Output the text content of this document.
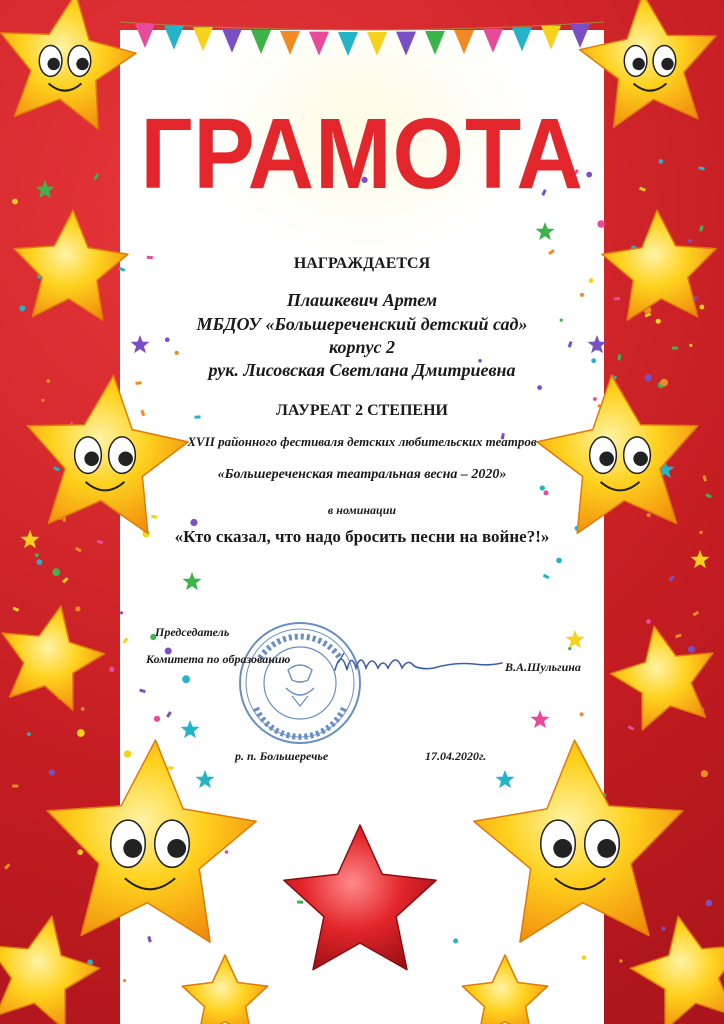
ГРАМОТА
НАГРАЖДАЕТСЯ
Плашкевич Артем
МБДОУ «Большереченский детский сад»
корпус 2
рук. Лисовская Светлана Дмитриевна
ЛАУРЕАТ 2 СТЕПЕНИ
XVII районного фестиваля детских любительских театров
«Большереченская театральная весна – 2020»
в номинации
«Кто сказал, что надо бросить песни на войне?!»
Председатель
Комитета по образованию
В.А.Шульгина
р. п. Большеречье	17.04.2020г.
